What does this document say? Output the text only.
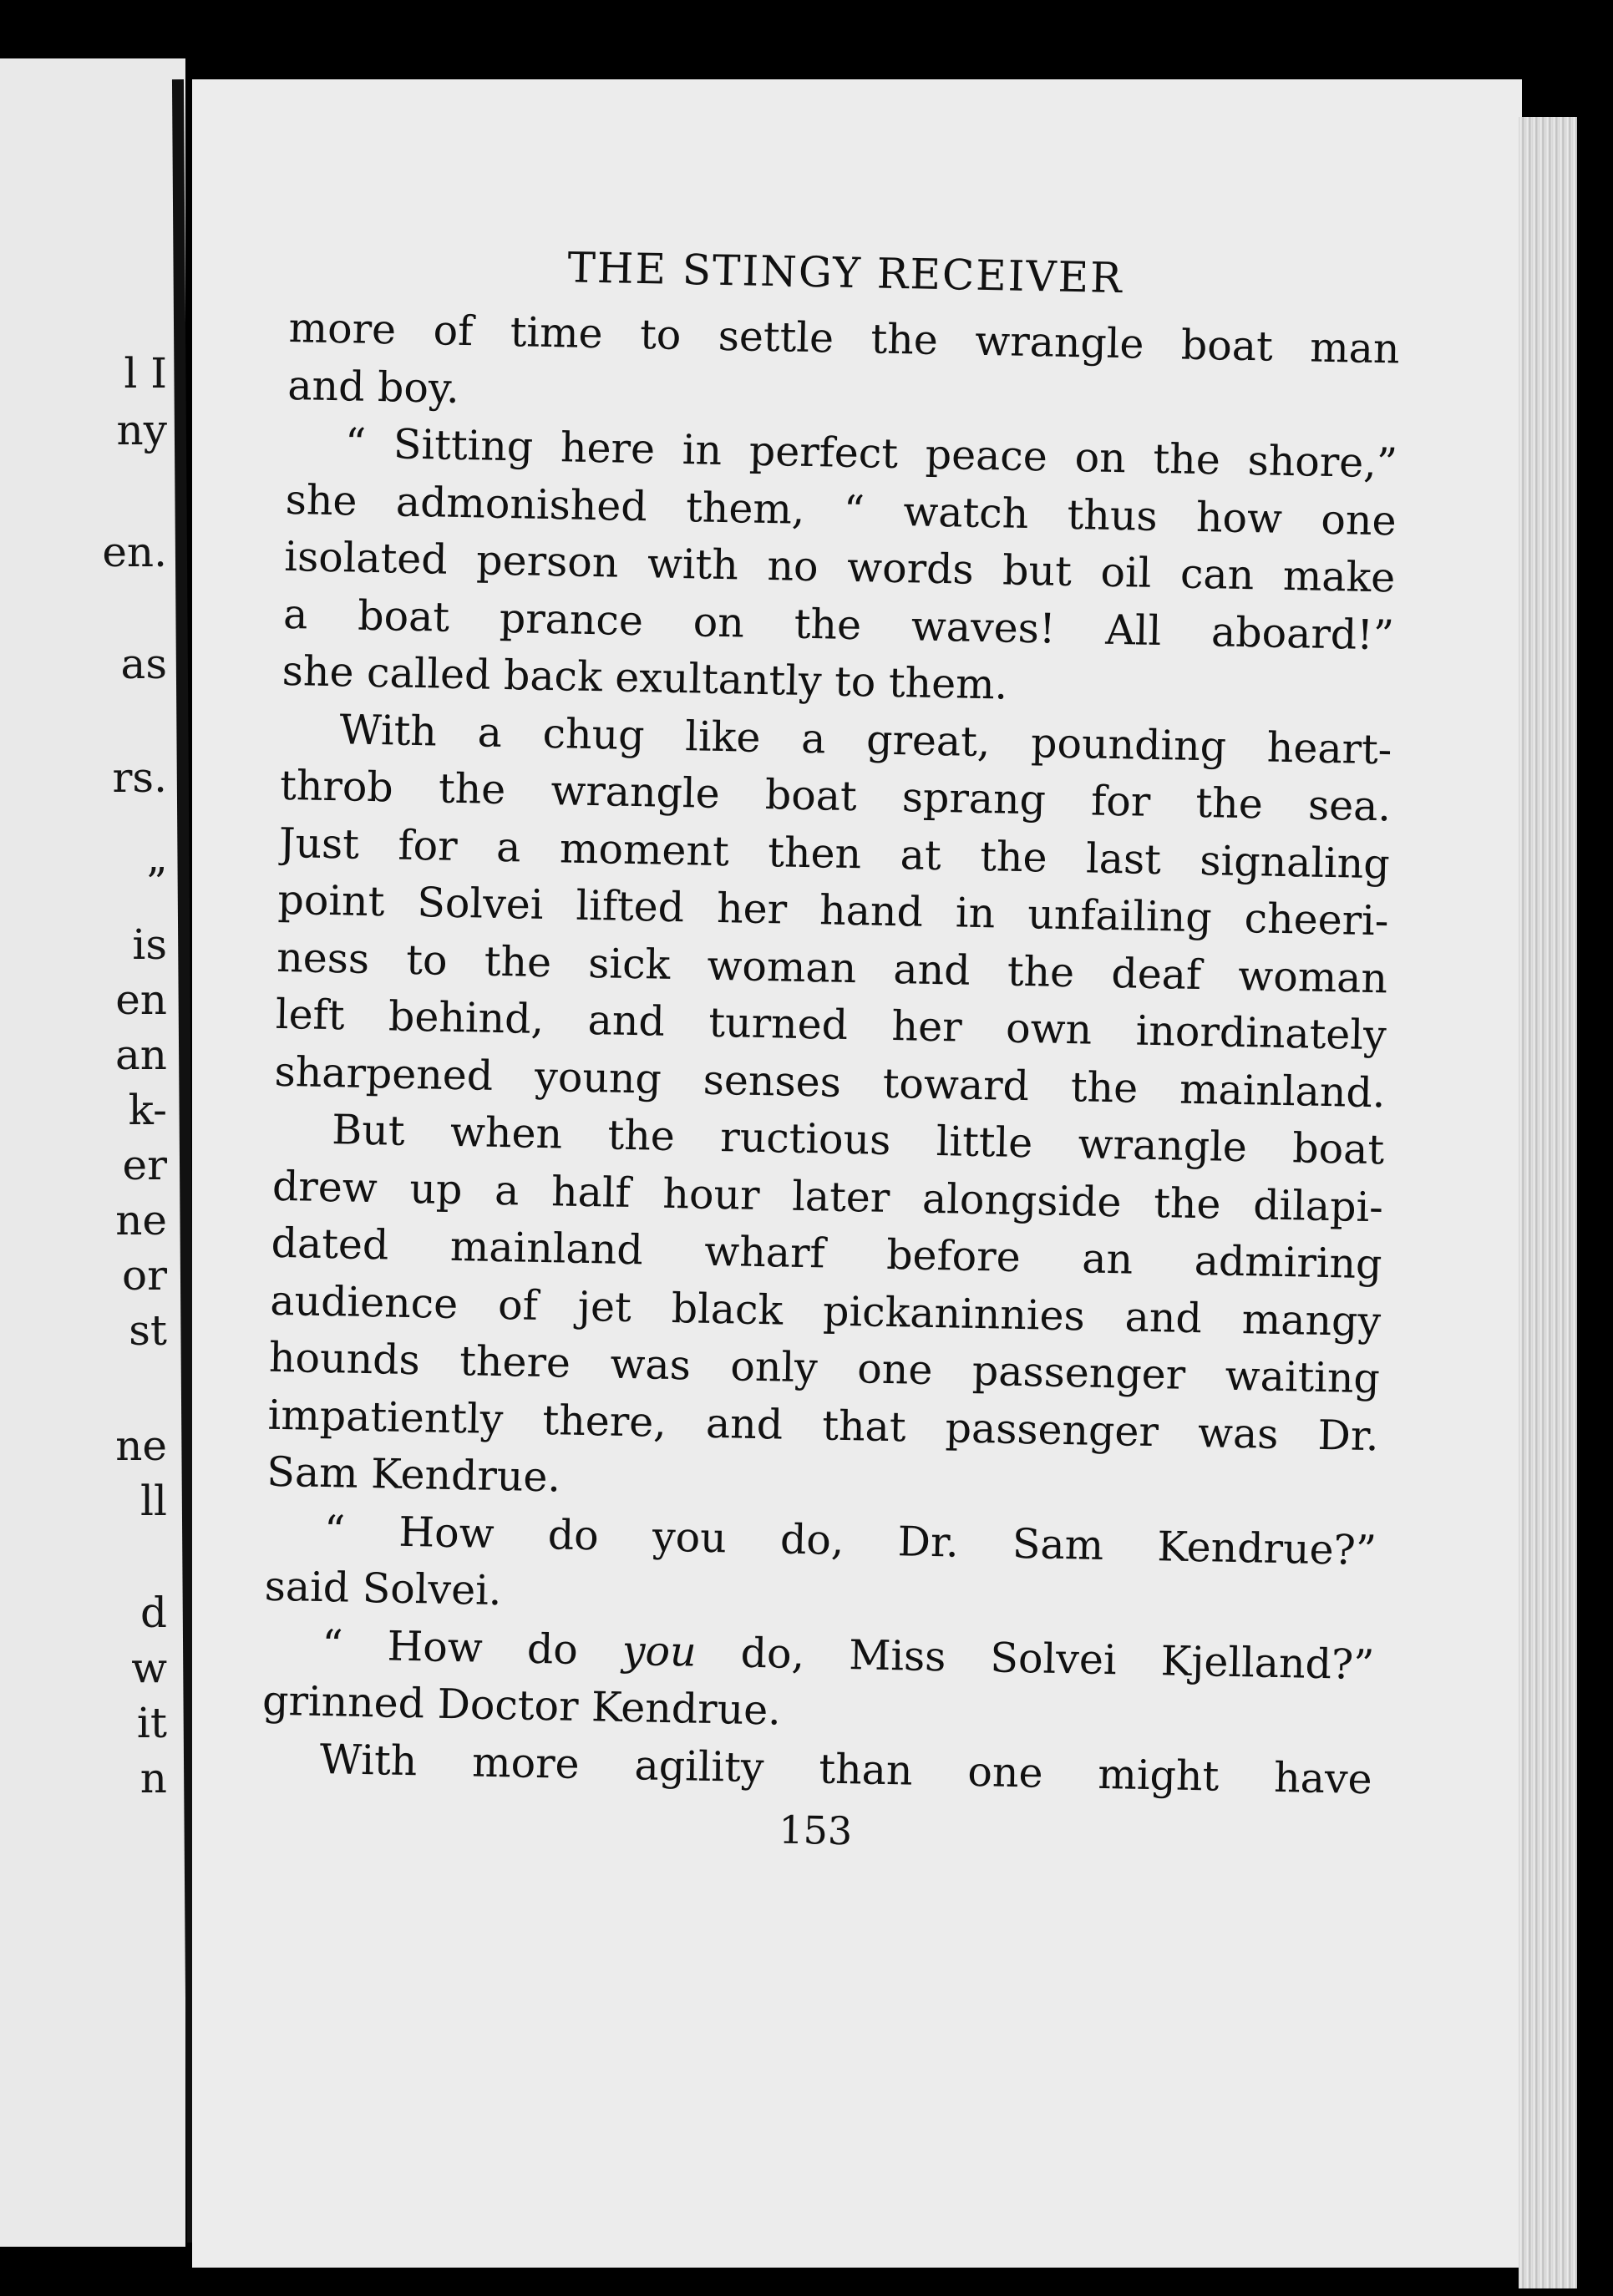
l I
ny
en.
as
rs.
”
is
en
an
k-
er
ne
or
st
ne
ll
d
w
it
n
THE STINGY RECEIVER
more of time to settle the wrangle boat man
and boy.
“ Sitting here in perfect peace on the shore,”
she admonished them, “ watch thus how one
isolated person with no words but oil can make
a boat prance on the waves! All aboard!”
she called back exultantly to them.
With a chug like a great, pounding heart-
throb the wrangle boat sprang for the sea.
Just for a moment then at the last signaling
point Solvei lifted her hand in unfailing cheeri-
ness to the sick woman and the deaf woman
left behind, and turned her own inordinately
sharpened young senses toward the mainland.
But when the ructious little wrangle boat
drew up a half hour later alongside the dilapi-
dated mainland wharf before an admiring
audience of jet black pickaninnies and mangy
hounds there was only one passenger waiting
impatiently there, and that passenger was Dr.
Sam Kendrue.
“ How do you do, Dr. Sam Kendrue?”
said Solvei.
“ How do you do, Miss Solvei Kjelland?”
grinned Doctor Kendrue.
With more agility than one might have
153
